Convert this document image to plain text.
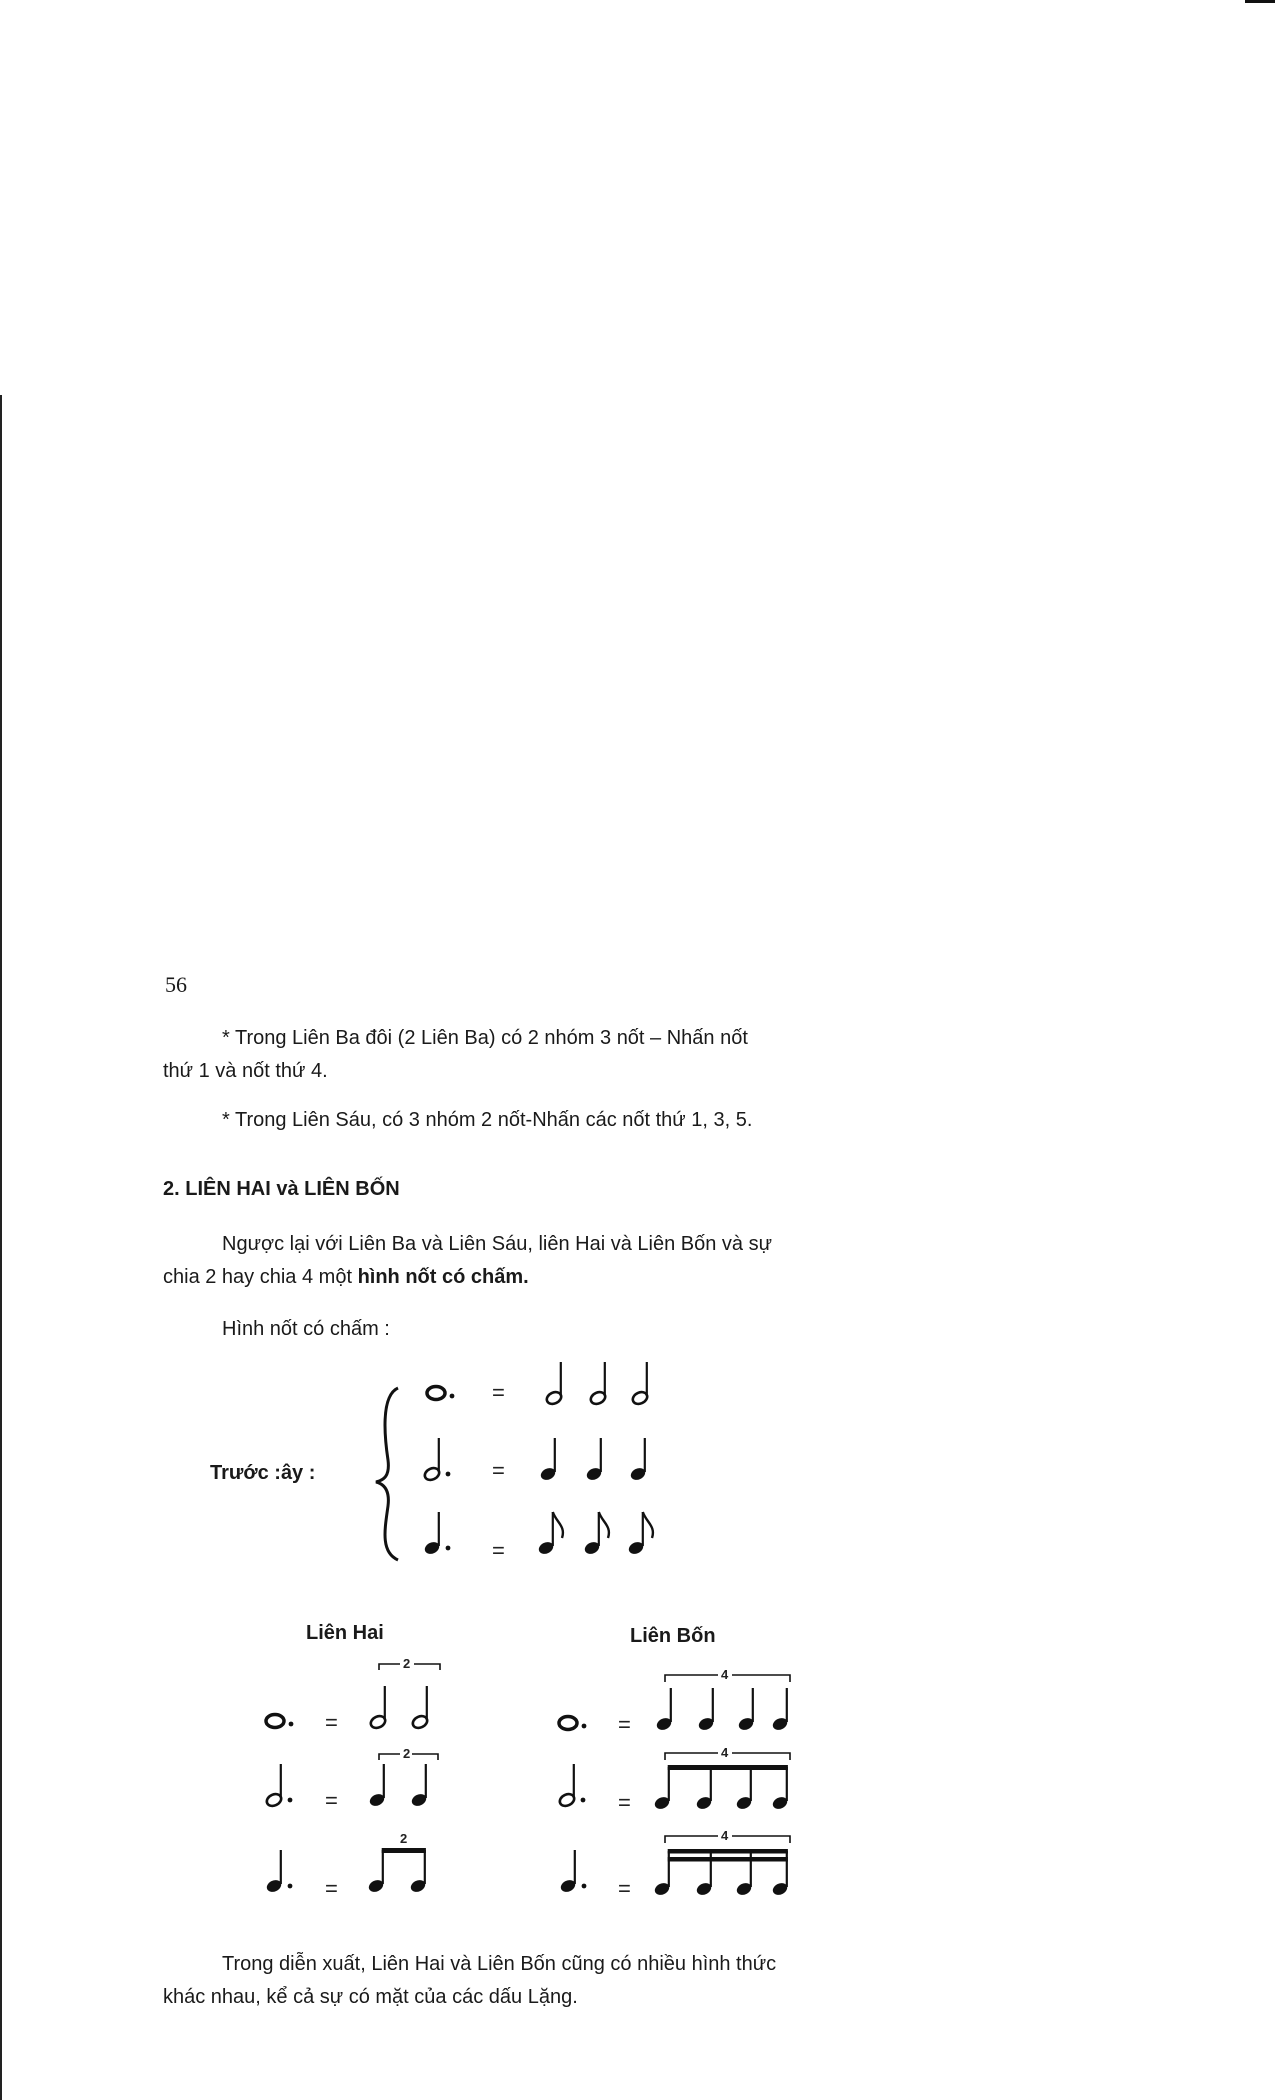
56

* Trong Liên Ba đôi (2 Liên Ba) có 2 nhóm 3 nốt – Nhấn nốt

thứ 1 và nốt thứ 4.

* Trong Liên Sáu, có 3 nhóm 2 nốt-Nhấn các nốt thứ 1, 3, 5.

2. LIÊN HAI và LIÊN BỐN

Ngược lại với Liên Ba và Liên Sáu, liên Hai và Liên Bốn và sự

chia 2 hay chia 4 một hình nốt có chấm.

Hình nốt có chấm :
Trước :ây :
Liên Hai	Liên Bốn
=
=
=
=
2
=
2
=
2
=
4
=
4
=
4

Trong diễn xuất, Liên Hai và Liên Bốn cũng có nhiều hình thức

khác nhau, kể cả sự có mặt của các dấu Lặng.
